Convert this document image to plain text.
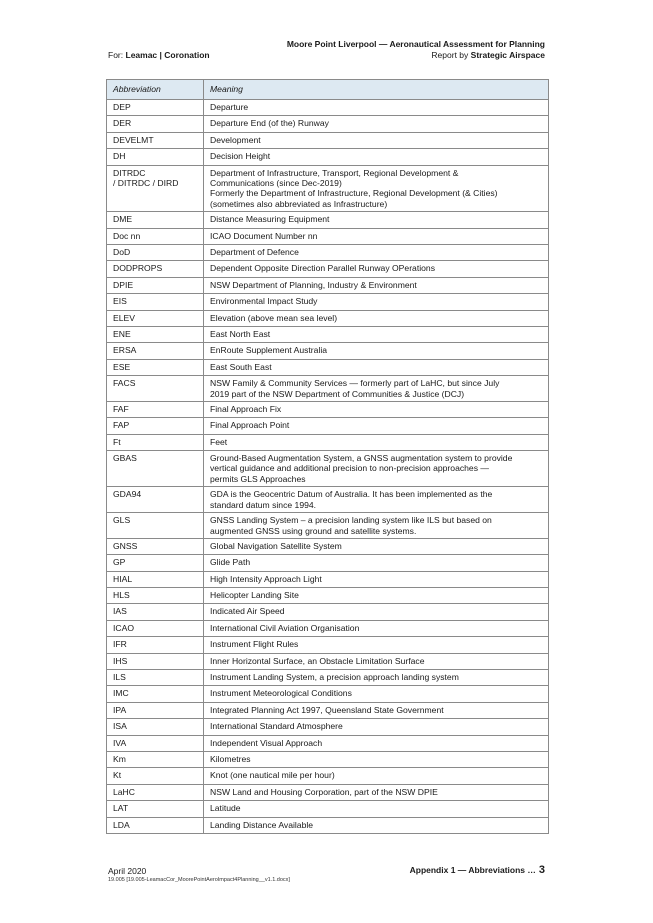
For: Leamac | Coronation
Moore Point Liverpool — Aeronautical Assessment for Planning
Report by Strategic Airspace
Abbreviation	Meaning

DEP	Departure

DER	Departure End (of the) Runway

DEVELMT	Development

DH	Decision Height

DITRDC
/ DITRDC / DIRD	Department of Infrastructure, Transport, Regional Development &
Communications (since Dec-2019)
Formerly the Department of Infrastructure, Regional Development (& Cities)
(sometimes also abbreviated as Infrastructure)

DME	Distance Measuring Equipment

Doc nn	ICAO Document Number nn

DoD	Department of Defence

DODPROPS	Dependent Opposite Direction Parallel Runway OPerations

DPIE	NSW Department of Planning, Industry & Environment

EIS	Environmental Impact Study

ELEV	Elevation (above mean sea level)

ENE	East North East

ERSA	EnRoute Supplement Australia

ESE	East South East

FACS	NSW Family & Community Services — formerly part of LaHC, but since July
2019 part of the NSW Department of Communities & Justice (DCJ)

FAF	Final Approach Fix

FAP	Final Approach Point

Ft	Feet

GBAS	Ground-Based Augmentation System, a GNSS augmentation system to provide
vertical guidance and additional precision to non-precision approaches —
permits GLS Approaches

GDA94	GDA is the Geocentric Datum of Australia. It has been implemented as the
standard datum since 1994.

GLS	GNSS Landing System – a precision landing system like ILS but based on
augmented GNSS using ground and satellite systems.

GNSS	Global Navigation Satellite System

GP	Glide Path

HIAL	High Intensity Approach Light

HLS	Helicopter Landing Site

IAS	Indicated Air Speed

ICAO	International Civil Aviation Organisation

IFR	Instrument Flight Rules

IHS	Inner Horizontal Surface, an Obstacle Limitation Surface

ILS	Instrument Landing System, a precision approach landing system

IMC	Instrument Meteorological Conditions

IPA	Integrated Planning Act 1997, Queensland State Government

ISA	International Standard Atmosphere

IVA	Independent Visual Approach

Km	Kilometres

Kt	Knot (one nautical mile per hour)

LaHC	NSW Land and Housing Corporation, part of the NSW DPIE

LAT	Latitude

LDA	Landing Distance Available
April 2020
19.005 [19.005-LeamacCor_MoorePointAeroImpact4Planning__v1.1.docx]
Appendix 1 — Abbreviations … 3
